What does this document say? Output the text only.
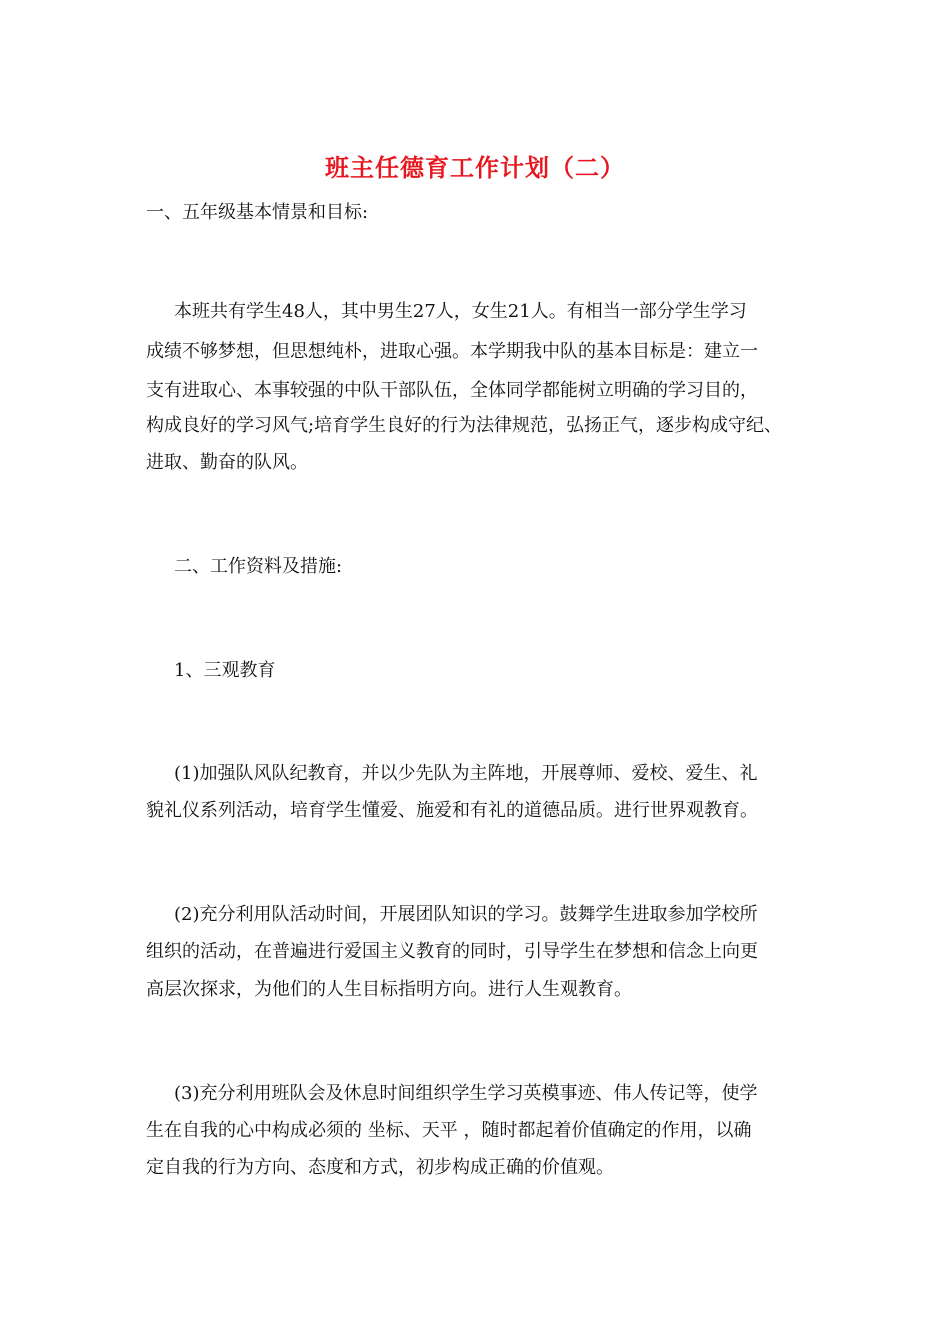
班主任德育工作计划（二）
一、五年级基本情景和目标:
本班共有学生48人，其中男生27人，女生21人。有相当一部分学生学习
成绩不够梦想，但思想纯朴，进取心强。本学期我中队的基本目标是：建立一
支有进取心、本事较强的中队干部队伍，全体同学都能树立明确的学习目的，
构成良好的学习风气;培育学生良好的行为法律规范，弘扬正气，逐步构成守纪、
进取、勤奋的队风。
二、工作资料及措施:
1、三观教育
(1)加强队风队纪教育，并以少先队为主阵地，开展尊师、爱校、爱生、礼
貌礼仪系列活动，培育学生懂爱、施爱和有礼的道德品质。进行世界观教育。
(2)充分利用队活动时间，开展团队知识的学习。鼓舞学生进取参加学校所
组织的活动，在普遍进行爱国主义教育的同时，引导学生在梦想和信念上向更
高层次探求，为他们的人生目标指明方向。进行人生观教育。
(3)充分利用班队会及休息时间组织学生学习英模事迹、伟人传记等，使学
生在自我的心中构成必须的 坐标、天平 ，随时都起着价值确定的作用，以确
定自我的行为方向、态度和方式，初步构成正确的价值观。
